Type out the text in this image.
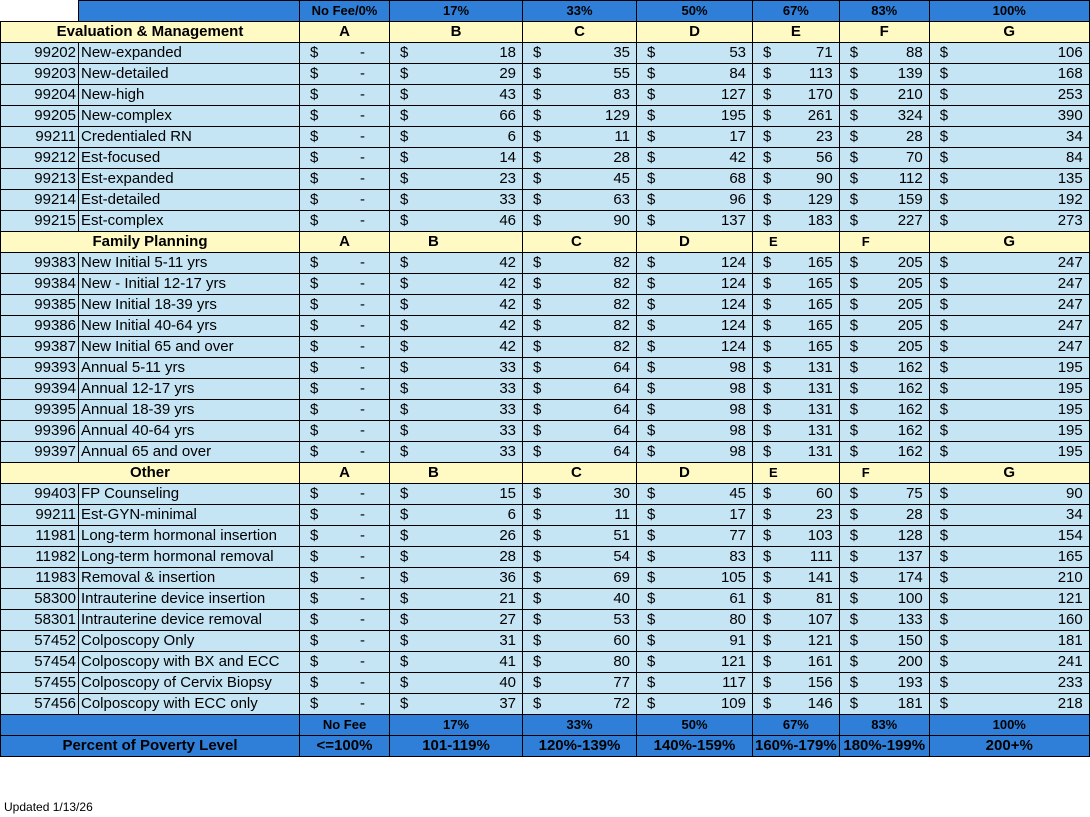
		No Fee/0%	17%	33%	50%	67%	83%	100%
Evaluation & Management		A	B	C	D	E	F	G
99202	New-expanded	$ -	$ 18	$ 35	$ 53	$ 71	$ 88	$ 106

99203	New-detailed	$ -	$ 29	$ 55	$ 84	$ 113	$ 139	$ 168

99204	New-high	$ -	$ 43	$ 83	$ 127	$ 170	$ 210	$ 253

99205	New-complex	$ -	$ 66	$ 129	$ 195	$ 261	$ 324	$ 390

99211	Credentialed RN	$ -	$ 6	$ 11	$ 17	$ 23	$ 28	$ 34

99212	Est-focused	$ -	$ 14	$ 28	$ 42	$ 56	$ 70	$ 84

99213	Est-expanded	$ -	$ 23	$ 45	$ 68	$ 90	$ 112	$ 135

99214	Est-detailed	$ -	$ 33	$ 63	$ 96	$ 129	$ 159	$ 192

99215	Est-complex	$ -	$ 46	$ 90	$ 137	$ 183	$ 227	$ 273

Family Planning		A	B	C	D	E	F	G
99383	New Initial 5-11 yrs	$ -	$ 42	$ 82	$ 124	$ 165	$ 205	$ 247

99384	New - Initial 12-17 yrs	$ -	$ 42	$ 82	$ 124	$ 165	$ 205	$ 247

99385	New Initial 18-39 yrs	$ -	$ 42	$ 82	$ 124	$ 165	$ 205	$ 247

99386	New Initial 40-64 yrs	$ -	$ 42	$ 82	$ 124	$ 165	$ 205	$ 247

99387	New Initial 65 and over	$ -	$ 42	$ 82	$ 124	$ 165	$ 205	$ 247

99393	Annual 5-11 yrs	$ -	$ 33	$ 64	$ 98	$ 131	$ 162	$ 195

99394	Annual 12-17 yrs	$ -	$ 33	$ 64	$ 98	$ 131	$ 162	$ 195

99395	Annual 18-39 yrs	$ -	$ 33	$ 64	$ 98	$ 131	$ 162	$ 195

99396	Annual 40-64 yrs	$ -	$ 33	$ 64	$ 98	$ 131	$ 162	$ 195

99397	Annual 65 and over	$ -	$ 33	$ 64	$ 98	$ 131	$ 162	$ 195

Other		A	B	C	D	E	F	G
99403	FP Counseling	$ -	$ 15	$ 30	$ 45	$ 60	$ 75	$ 90

99211	Est-GYN-minimal	$ -	$ 6	$ 11	$ 17	$ 23	$ 28	$ 34

11981	Long-term hormonal insertion	$ -	$ 26	$ 51	$ 77	$ 103	$ 128	$ 154

11982	Long-term hormonal removal	$ -	$ 28	$ 54	$ 83	$ 111	$ 137	$ 165

11983	Removal & insertion	$ -	$ 36	$ 69	$ 105	$ 141	$ 174	$ 210

58300	Intrauterine device insertion	$ -	$ 21	$ 40	$ 61	$ 81	$ 100	$ 121

58301	Intrauterine device removal	$ -	$ 27	$ 53	$ 80	$ 107	$ 133	$ 160

57452	Colposcopy Only	$ -	$ 31	$ 60	$ 91	$ 121	$ 150	$ 181

57454	Colposcopy with BX and ECC	$ -	$ 41	$ 80	$ 121	$ 161	$ 200	$ 241

57455	Colposcopy of Cervix Biopsy	$ -	$ 40	$ 77	$ 117	$ 156	$ 193	$ 233

57456	Colposcopy with ECC only	$ -	$ 37	$ 72	$ 109	$ 146	$ 181	$ 218

		No Fee	17%	33%	50%	67%	83%	100%
Percent of Poverty Level		<=100%	101-119%	120%-139%	140%-159%	160%-179%	180%-199%	200+%
Updated 1/13/26
